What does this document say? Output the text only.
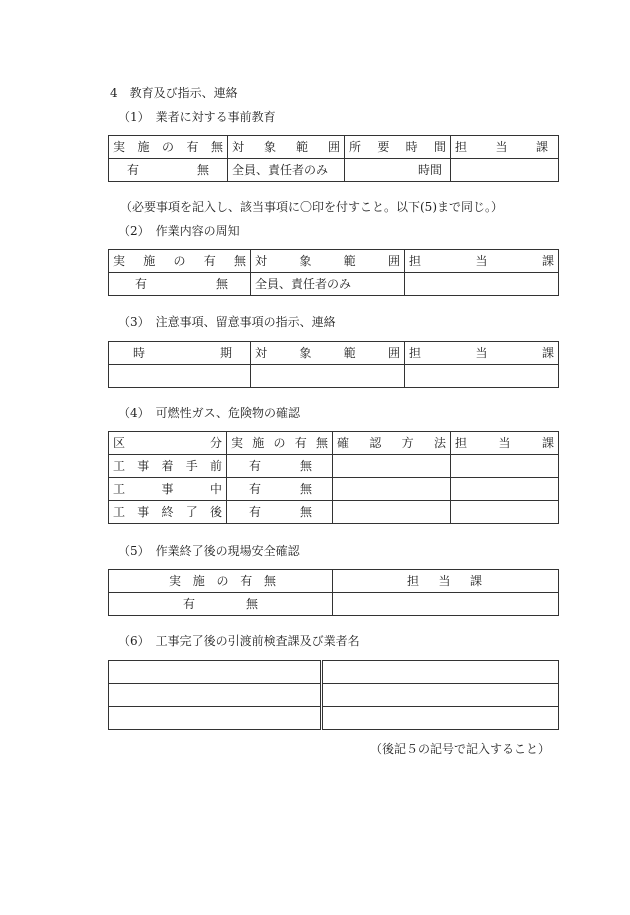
4　教育及び指示、連絡
（1）　業者に対する事前教育
実施の有無	対象範囲	所要時間	担当課

有 無	全員、責任者のみ	時間	
（必要事項を記入し、該当事項に〇印を付すこと。以下(5)まで同じ。）
（2）　作業内容の周知
実施の有無	対象範囲	担当課

有 無	全員、責任者のみ	
（3）　注意事項、留意事項の指示、連絡
時期	対象範囲	担当課

（4）　可燃性ガス、危険物の確認
区分	実施の有無	確認方法	担当課

工事着手前	有 無		

工事中	有 無		

工事終了後	有 無		

（5）　作業終了後の現場安全確認
実施の有無	担当課

有 無	

（6）　工事完了後の引渡前検査課及び業者名

（後記５の記号で記入すること）
